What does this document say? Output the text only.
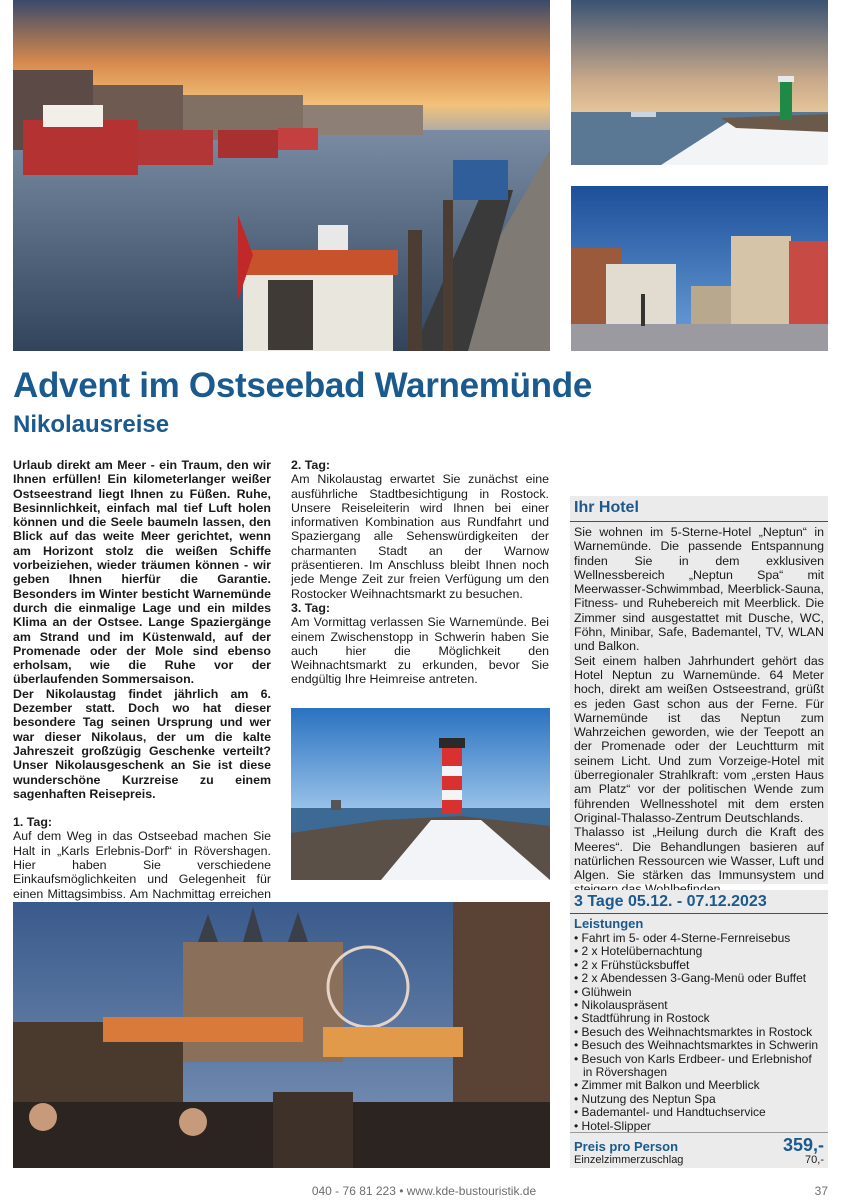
Advent im Ostseebad Warnemünde
Nikolausreise

Urlaub direkt am Meer - ein Traum, den wir Ihnen erfüllen! Ein kilometerlanger weißer Ostseestrand liegt Ihnen zu Füßen. Ruhe, Besinnlichkeit, einfach mal tief Luft holen können und die Seele baumeln lassen, den Blick auf das weite Meer gerichtet, wenn am Horizont stolz die weißen Schiffe vorbeiziehen, wieder träumen können - wir geben Ihnen hierfür die Garantie. Besonders im Winter besticht Warnemünde durch die einmalige Lage und ein mildes Klima an der Ostsee. Lange Spaziergänge am Strand und im Küstenwald, auf der Promenade oder der Mole sind ebenso erholsam, wie die Ruhe vor der überlaufenden Sommersaison.

Der Nikolaustag findet jährlich am 6. Dezember statt. Doch wo hat dieser besondere Tag seinen Ursprung und wer war dieser Nikolaus, der um die kalte Jahreszeit großzügig Geschenke verteilt? Unser Nikolausgeschenk an Sie ist diese wunderschöne Kurzreise zu einem sagenhaften Reisepreis.

1. Tag:

Auf dem Weg in das Ostseebad machen Sie Halt in „Karls Erlebnis-Dorf“ in Rövershagen. Hier haben Sie verschiedene Einkaufsmöglichkeiten und Gelegenheit für einen Mittagsimbiss. Am Nachmittag erreichen

2. Tag:

Am Nikolaustag erwartet Sie zunächst eine ausführliche Stadtbesichtigung in Rostock. Unsere Reiseleiterin wird Ihnen bei einer informativen Kombination aus Rundfahrt und Spaziergang alle Sehenswürdigkeiten der charmanten Stadt an der Warnow präsentieren. Im Anschluss bleibt Ihnen noch jede Menge Zeit zur freien Verfügung um den Rostocker Weihnachtsmarkt zu besuchen.

3. Tag:

Am Vormittag verlassen Sie Warnemünde. Bei einem Zwischenstopp in Schwerin haben Sie auch hier die Möglichkeit den Weihnachtsmarkt zu erkunden, bevor Sie endgültig Ihre Heimreise antreten.

Ihr Hotel

Sie wohnen im 5-Sterne-Hotel „Neptun“ in Warnemünde. Die passende Entspannung finden Sie in dem exklusiven Wellnessbereich „Neptun Spa“ mit Meerwasser-Schwimmbad, Meerblick-Sauna, Fitness- und Ruhebereich mit Meerblick. Die Zimmer sind ausgestattet mit Dusche, WC, Föhn, Minibar, Safe, Bademantel, TV, WLAN und Balkon.

Seit einem halben Jahrhundert gehört das Hotel Neptun zu Warnemünde. 64 Meter hoch, direkt am weißen Ostseestrand, grüßt es jeden Gast schon aus der Ferne. Für Warnemünde ist das Neptun zum Wahrzeichen geworden, wie der Teepott an der Promenade oder der Leuchtturm mit seinem Licht. Und zum Vorzeige-Hotel mit überregionaler Strahlkraft: vom „ersten Haus am Platz“ vor der politischen Wende zum führenden Wellnesshotel mit dem ersten Original-Thalasso-Zentrum Deutschlands.

Thalasso ist „Heilung durch die Kraft des Meeres“. Die Behandlungen basieren auf natürlichen Ressourcen wie Wasser, Luft und Algen. Sie stärken das Immunsystem und

3 Tage 05.12. - 07.12.2023
Leistungen
• Fahrt im 5- oder 4-Sterne-Fernreisebus
• 2 x Hotelübernachtung
• 2 x Frühstücksbuffet
• 2 x Abendessen 3-Gang-Menü oder Buffet
• Glühwein
• Nikolauspräsent
• Stadtführung in Rostock
• Besuch des Weihnachtsmarktes in Rostock
• Besuch des Weihnachtsmarktes in Schwerin
• Besuch von Karls Erdbeer- und Erlebnishof in Rövershagen
• Zimmer mit Balkon und Meerblick
• Nutzung des Neptun Spa
• Bademantel- und Handtuchservice
• Hotel-Slipper
Preis pro Person	359,-
Einzelzimmerzuschlag	70,-
040 - 76 81 223 • www.kde-bustouristik.de	37
